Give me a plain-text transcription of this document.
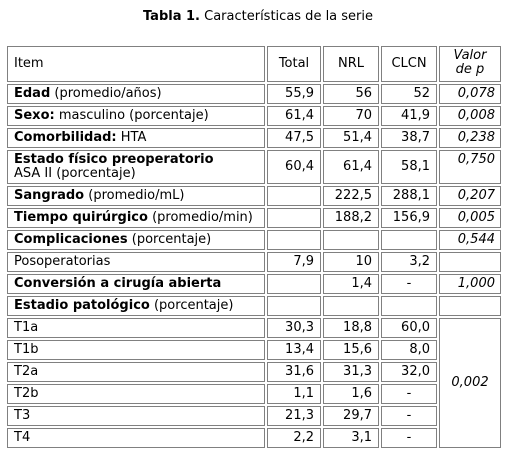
Tabla 1. Características de la serie
Item	Total	NRL	CLCN	Valor
de p
Edad (promedio/años)	55,9	56	52	0,078
Sexo: masculino (porcentaje)	61,4	70	41,9	0,008
Comorbilidad: HTA	47,5	51,4	38,7	0,238
Estado físico preoperatorio
ASA II (porcentaje)	60,4	61,4	58,1	0,750
Sangrado (promedio/mL)		222,5	288,1	0,207
Tiempo quirúrgico (promedio/min)		188,2	156,9	0,005
Complicaciones (porcentaje)				0,544
Posoperatorias	7,9	10	3,2	
Conversión a cirugía abierta		1,4	-	1,000
Estadio patológico (porcentaje)				
T1a	30,3	18,8	60,0	0,002
T1b	13,4	15,6	8,0	
T2a	31,6	31,3	32,0	
T2b	1,1	1,6	-	
T3	21,3	29,7	-	
T4	2,2	3,1	-	
